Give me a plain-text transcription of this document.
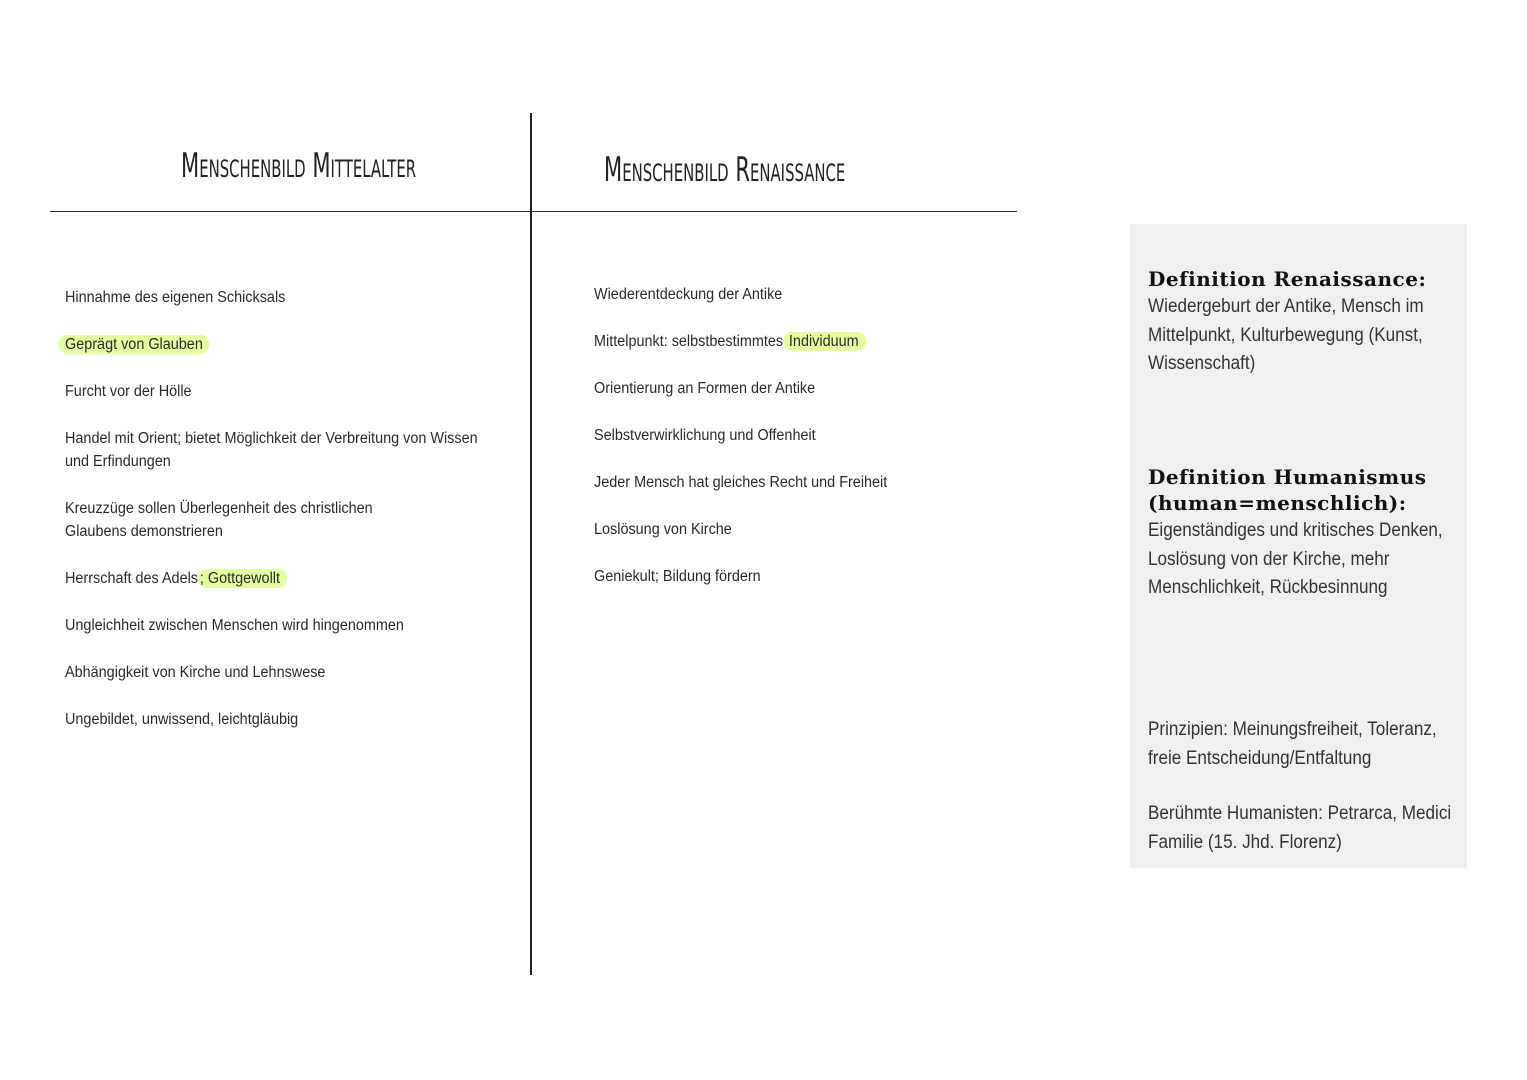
Menschenbild Mittelalter	Menschenbild Renaissance
Hinnahme des eigenen Schicksals
Geprägt von Glauben
Furcht vor der Hölle
Handel mit Orient; bietet Möglichkeit der Verbreitung von Wissen und Erfindungen
Kreuzzüge sollen Überlegenheit des christlichen Glaubens demonstrieren
Herrschaft des Adels ; Gottgewollt
Ungleichheit zwischen Menschen wird hingenommen
Abhängigkeit von Kirche und Lehnswese
Ungebildet, unwissend, leichtgläubig
Wiederentdeckung der Antike
Mittelpunkt: selbstbestimmtes Individuum
Orientierung an Formen der Antike
Selbstverwirklichung und Offenheit
Jeder Mensch hat gleiches Recht und Freiheit
Loslösung von Kirche
Geniekult; Bildung fördern
Definition Renaissance:
Wiedergeburt der Antike, Mensch im Mittelpunkt, Kulturbewegung (Kunst, Wissenschaft)
Definition Humanismus
(human=menschlich):
Eigenständiges und kritisches Denken, Loslösung von der Kirche, mehr Menschlichkeit, Rückbesinnung
Prinzipien: Meinungsfreiheit, Toleranz, freie Entscheidung/Entfaltung
Berühmte Humanisten: Petrarca, Medici Familie (15. Jhd. Florenz)
